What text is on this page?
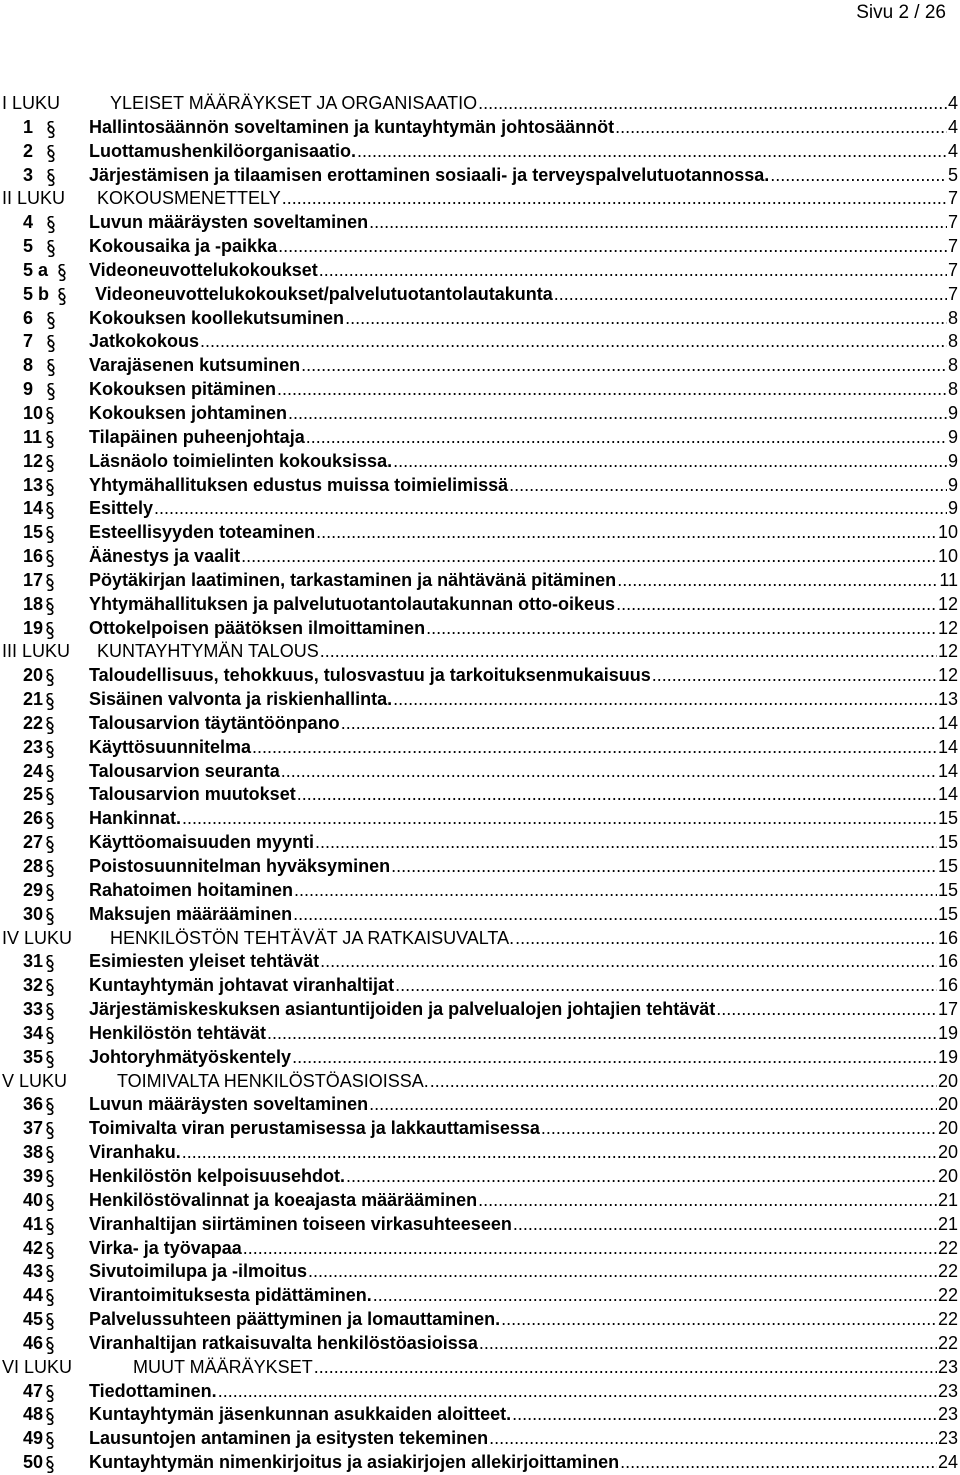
Sivu 2 / 26
I LUKU	YLEISET MÄÄRÄYKSET JA ORGANISAATIO .....	4
1	Hallintosäännön soveltaminen ja kuntayhtymän johtosäännöt .....	4
2	Luottamushenkilöorganisaatio. .....	4
3	Järjestämisen ja tilaamisen erottaminen sosiaali- ja terveyspalvelutuotannossa. .....	5
II LUKU KOKOUSMENETTELY .....	7
4	Luvun määräysten soveltaminen .....	7
5	Kokousaika ja -paikka .....	7
5 a Videoneuvottelukokoukset .....	7
5 b	Videoneuvottelukokoukset/palvelutuotantolautakunta .....	7
6	Kokouksen koollekutsuminen .....	8
7	Jatkokokous .....	8
8	Varajäsenen kutsuminen .....	8
9	Kokouksen pitäminen .....	8
10	Kokouksen johtaminen .....	9
11	Tilapäinen puheenjohtaja .....	9
12	Läsnäolo toimielinten kokouksissa. .....	9
13	Yhtymähallituksen edustus muissa toimielimissä .....	9
14	Esittely .....	9
15	Esteellisyyden toteaminen .....	10
16	Äänestys ja vaalit .....	10
17	Pöytäkirjan laatiminen, tarkastaminen ja nähtävänä pitäminen .....	11
18	Yhtymähallituksen ja palvelutuotantolautakunnan otto-oikeus .....	12
19	Ottokelpoisen päätöksen ilmoittaminen .....	12
III LUKU KUNTAYHTYMÄN TALOUS .....	12
20	Taloudellisuus, tehokkuus, tulosvastuu ja tarkoituksenmukaisuus .....	12
21	Sisäinen valvonta ja riskienhallinta. .....	13
22	Talousarvion täytäntöönpano .....	14
23	Käyttösuunnitelma .....	14
24	Talousarvion seuranta .....	14
25	Talousarvion muutokset .....	14
26	Hankinnat. .....	15
27	Käyttöomaisuuden myynti .....	15
28	Poistosuunnitelman hyväksyminen .....	15
29	Rahatoimen hoitaminen .....	15
30	Maksujen määrääminen .....	15
IV LUKU HENKILÖSTÖN TEHTÄVÄT JA RATKAISUVALTA. .....	16
31	Esimiesten yleiset tehtävät .....	16
32	Kuntayhtymän johtavat viranhaltijat .....	16
33	Järjestämiskeskuksen asiantuntijoiden ja palvelualojen johtajien tehtävät .....	17
34	Henkilöstön tehtävät .....	19
35	Johtoryhmätyöskentely .....	19
V LUKU	TOIMIVALTA HENKILÖSTÖASIOISSA. .....	20
36	Luvun määräysten soveltaminen .....	20
37	Toimivalta viran perustamisessa ja lakkauttamisessa .....	20
38	Viranhaku. .....	20
39	Henkilöstön kelpoisuusehdot. .....	20
40	Henkilöstövalinnat ja koeajasta määrääminen .....	21
41	Viranhaltijan siirtäminen toiseen virkasuhteeseen .....	21
42	Virka- ja työvapaa .....	22
43	Sivutoimilupa ja -ilmoitus .....	22
44	Virantoimituksesta pidättäminen. .....	22
45	Palvelussuhteen päättyminen ja lomauttaminen. .....	22
46	Viranhaltijan ratkaisuvalta henkilöstöasioissa .....	22
VI LUKU	MUUT MÄÄRÄYKSET .....	23
47	Tiedottaminen. .....	23
48	Kuntayhtymän jäsenkunnan asukkaiden aloitteet. .....	23
49	Lausuntojen antaminen ja esitysten tekeminen .....	23
50	Kuntayhtymän nimenkirjoitus ja asiakirjojen allekirjoittaminen .....	24
